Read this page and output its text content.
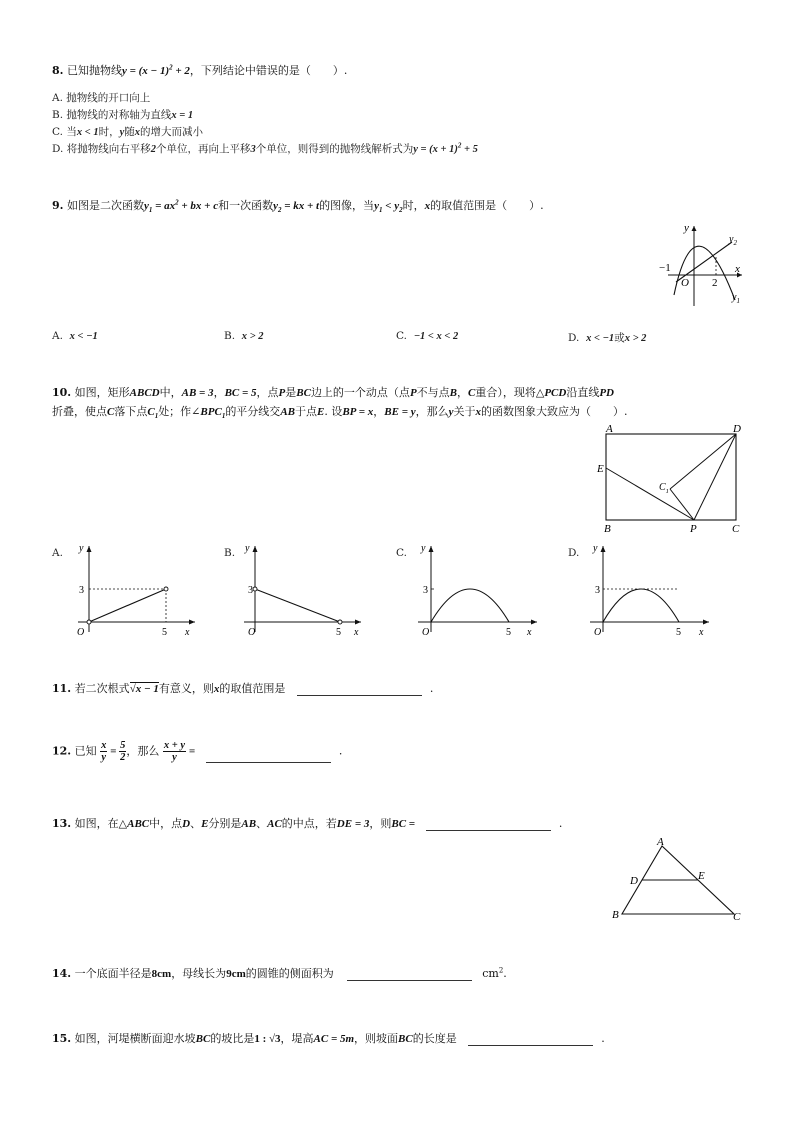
8. 已知抛物线$y = (x - 1)^2 + 2$，下列结论中错误的是（　　）.
A. 抛物线的开口向上
B. 抛物线的对称轴为直线x = 1
C. 当x < 1时，y随x的增大而减小
D. 将抛物线向右平移2个单位，再向上平移3个单位，则得到的抛物线解析式为$y = (x + 1)^2 + 5$
9. 如图是二次函数$y_1 = ax^2$ + bx + c和一次函数$y_2$ = kx + t的图像，当$y_1 < y_2$时，x的取值范围是（　　）.
y
$y_2$
−1	x
O 2
$y_1$
A. x < −1	B. x > 2	C. −1 < x < 2	D. x < −1或x > 2
10. 如图，矩形ABCD中，AB = 3，BC = 5，点P是BC边上的一个动点（点P不与点B，C重合），现将△PCD沿直线PD
折叠，使点C落下点$C_1$处；作$\angle BPC_1$的平分线交AB于点E. 设BP = x，BE = y，那么y关于x的函数图象大致应为（　　）.
A	D
E
$C_1$
B	P	C
A. y
3
O	5 x
B. y
3
O	5 x
C. y
3
O	5 x
D. y
3
O	5 x
11. 若二次根式√x − 1有意义，则x的取值范围是	.
12. 已知 $\frac{x}{y} = \frac{5}{2}$ ，那么 $\frac{x + y}{y}$ =	.
13. 如图，在△ABC中，点D、E分别是AB、AC的中点，若DE = 3，则BC =	.
A
D	E
B	C
14. 一个底面半径是8cm，母线长为9cm的圆锥的侧面积为	$cm^2$.
15. 如图，河堤横断面迎水坡BC的坡比是1 : √3，堤高AC = 5m，则坡面BC的长度是	.
